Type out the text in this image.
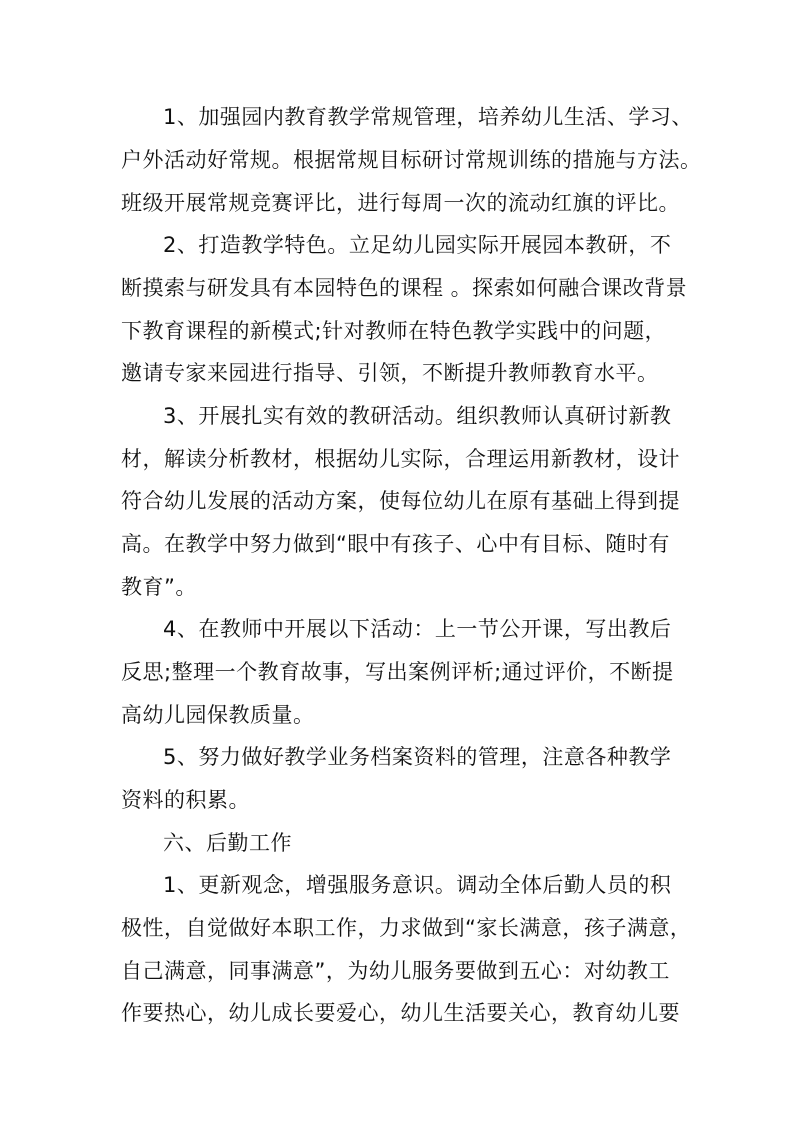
1、加强园内教育教学常规管理，培养幼儿生活、学习、
户外活动好常规。根据常规目标研讨常规训练的措施与方法。
班级开展常规竞赛评比，进行每周一次的流动红旗的评比。
2、打造教学特色。立足幼儿园实际开展园本教研，不
断摸索与研发具有本园特色的课程 。探索如何融合课改背景
下教育课程的新模式;针对教师在特色教学实践中的问题，
邀请专家来园进行指导、引领，不断提升教师教育水平。
3、开展扎实有效的教研活动。组织教师认真研讨新教
材，解读分析教材，根据幼儿实际，合理运用新教材，设计
符合幼儿发展的活动方案，使每位幼儿在原有基础上得到提
高。在教学中努力做到“眼中有孩子、心中有目标、随时有
教育”。
4、在教师中开展以下活动：上一节公开课，写出教后
反思;整理一个教育故事，写出案例评析;通过评价，不断提
高幼儿园保教质量。
5、努力做好教学业务档案资料的管理，注意各种教学
资料的积累。
六、后勤工作
1、更新观念，增强服务意识。调动全体后勤人员的积
极性，自觉做好本职工作，力求做到“家长满意，孩子满意，
自己满意，同事满意”，为幼儿服务要做到五心：对幼教工
作要热心，幼儿成长要爱心，幼儿生活要关心，教育幼儿要
